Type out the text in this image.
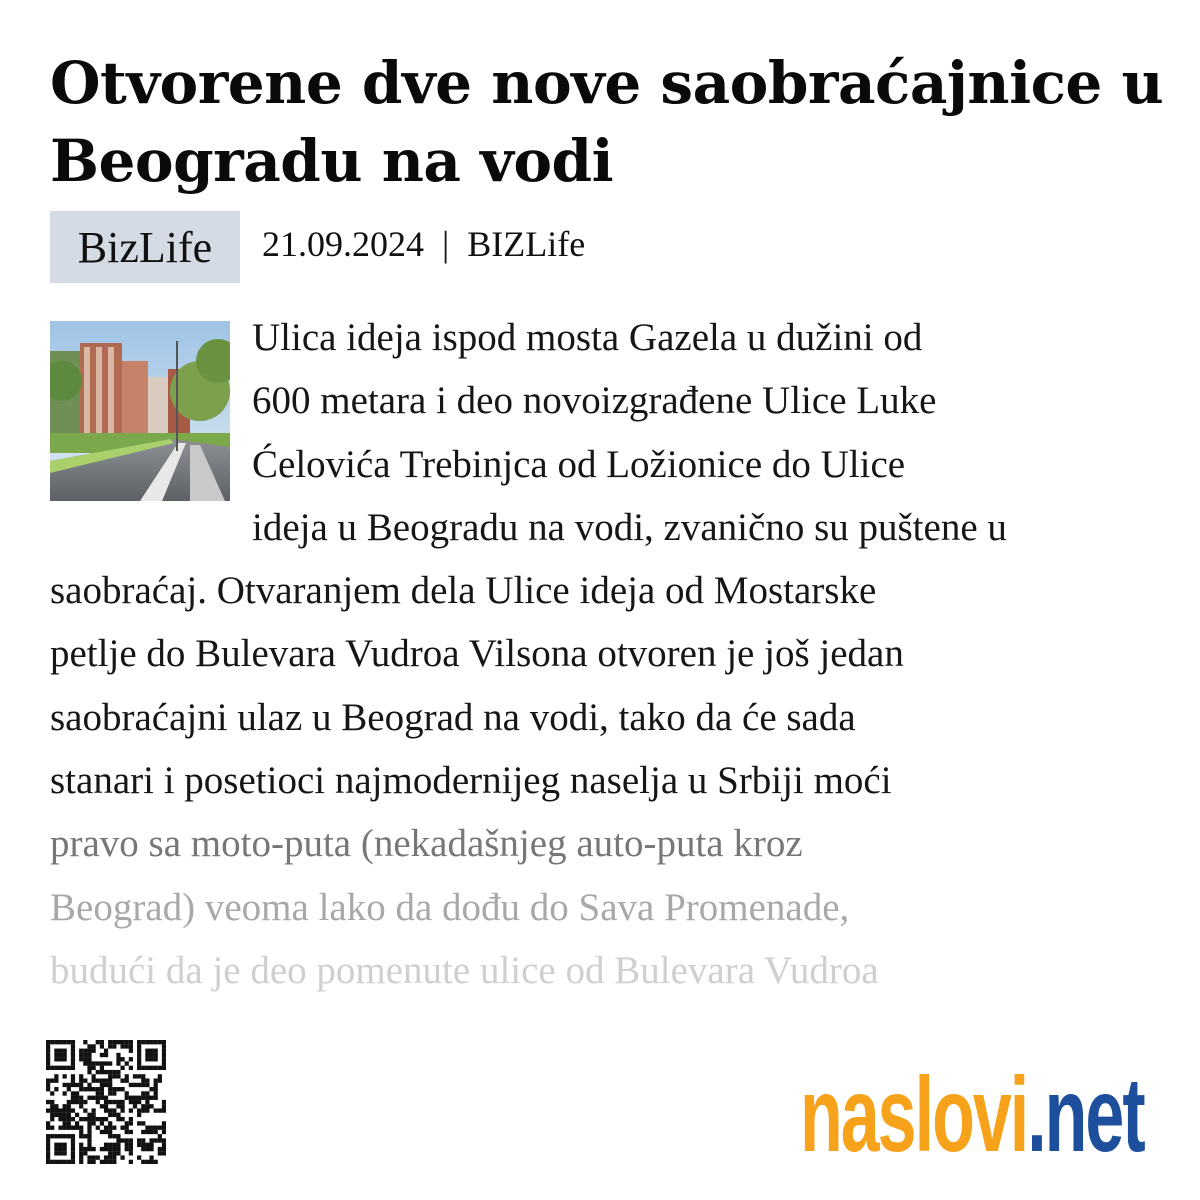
Otvorene dve nove saobraćajnice u Beogradu na vodi
BizLife	21.09.2024 | BIZLife
Ulica ideja ispod mosta Gazela u dužini od
600 metara i deo novoizgrađene Ulice Luke
Ćelovića Trebinjca od Ložionice do Ulice
ideja u Beogradu na vodi, zvanično su puštene u
saobraćaj. Otvaranjem dela Ulice ideja od Mostarske
petlje do Bulevara Vudroa Vilsona otvoren je još jedan
saobraćajni ulaz u Beograd na vodi, tako da će sada
stanari i posetioci najmodernijeg naselja u Srbiji moći
pravo sa moto-puta (nekadašnjeg auto-puta kroz
Beograd) veoma lako da dođu do Sava Promenade,
budući da je deo pomenute ulice od Bulevara Vudroa
naslovi.net
